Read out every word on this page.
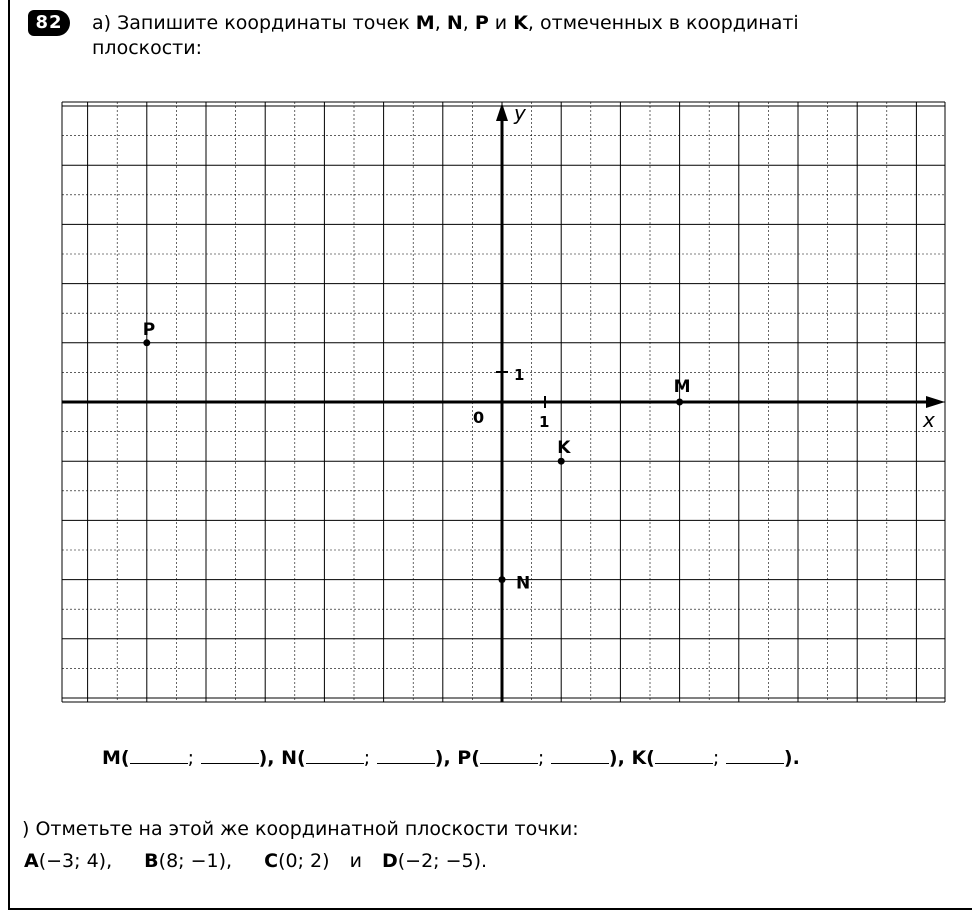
82	а) Запишите координаты точек M, N, P и K, отмеченных в координаті
плоскости:
x
y
0	1
1
M
N
P
K
M(	;	), N(	;	), P(	;	), K(	;	).
) Отметьте на этой же координатной плоскости точки:
A(−3; 4), B(8; −1), C(0; 2) и D(−2; −5).
